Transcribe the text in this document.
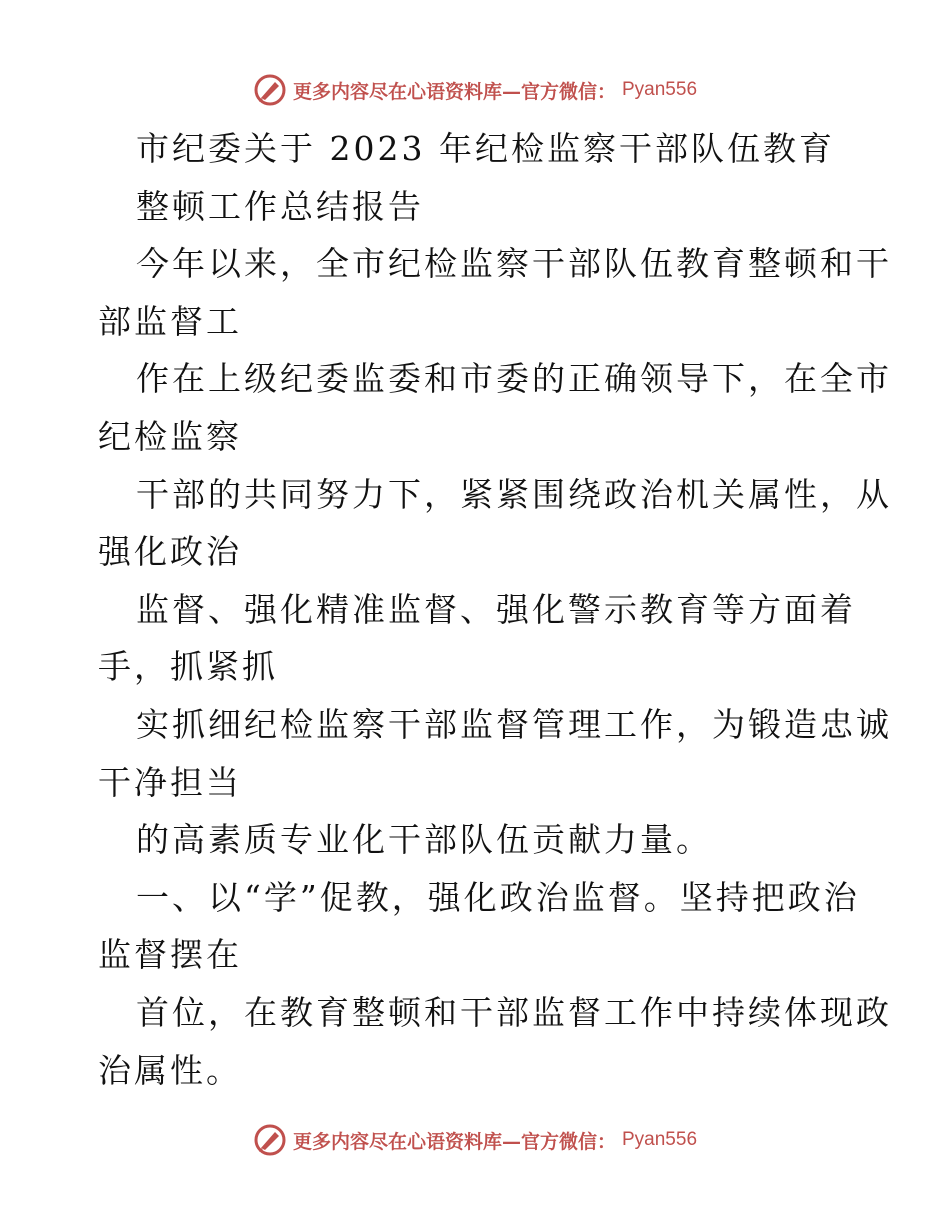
更多内容尽在心语资料库—官方微信： Pyan556
市纪委关于 2023 年纪检监察干部队伍教育
整顿工作总结报告
今年以来，全市纪检监察干部队伍教育整顿和干
部监督工
作在上级纪委监委和市委的正确领导下，在全市
纪检监察
干部的共同努力下，紧紧围绕政治机关属性，从
强化政治
监督、强化精准监督、强化警示教育等方面着
手，抓紧抓
实抓细纪检监察干部监督管理工作，为锻造忠诚
干净担当
的高素质专业化干部队伍贡献力量。
一、以“学”促教，强化政治监督。坚持把政治
监督摆在
首位，在教育整顿和干部监督工作中持续体现政
治属性。
更多内容尽在心语资料库—官方微信： Pyan556
